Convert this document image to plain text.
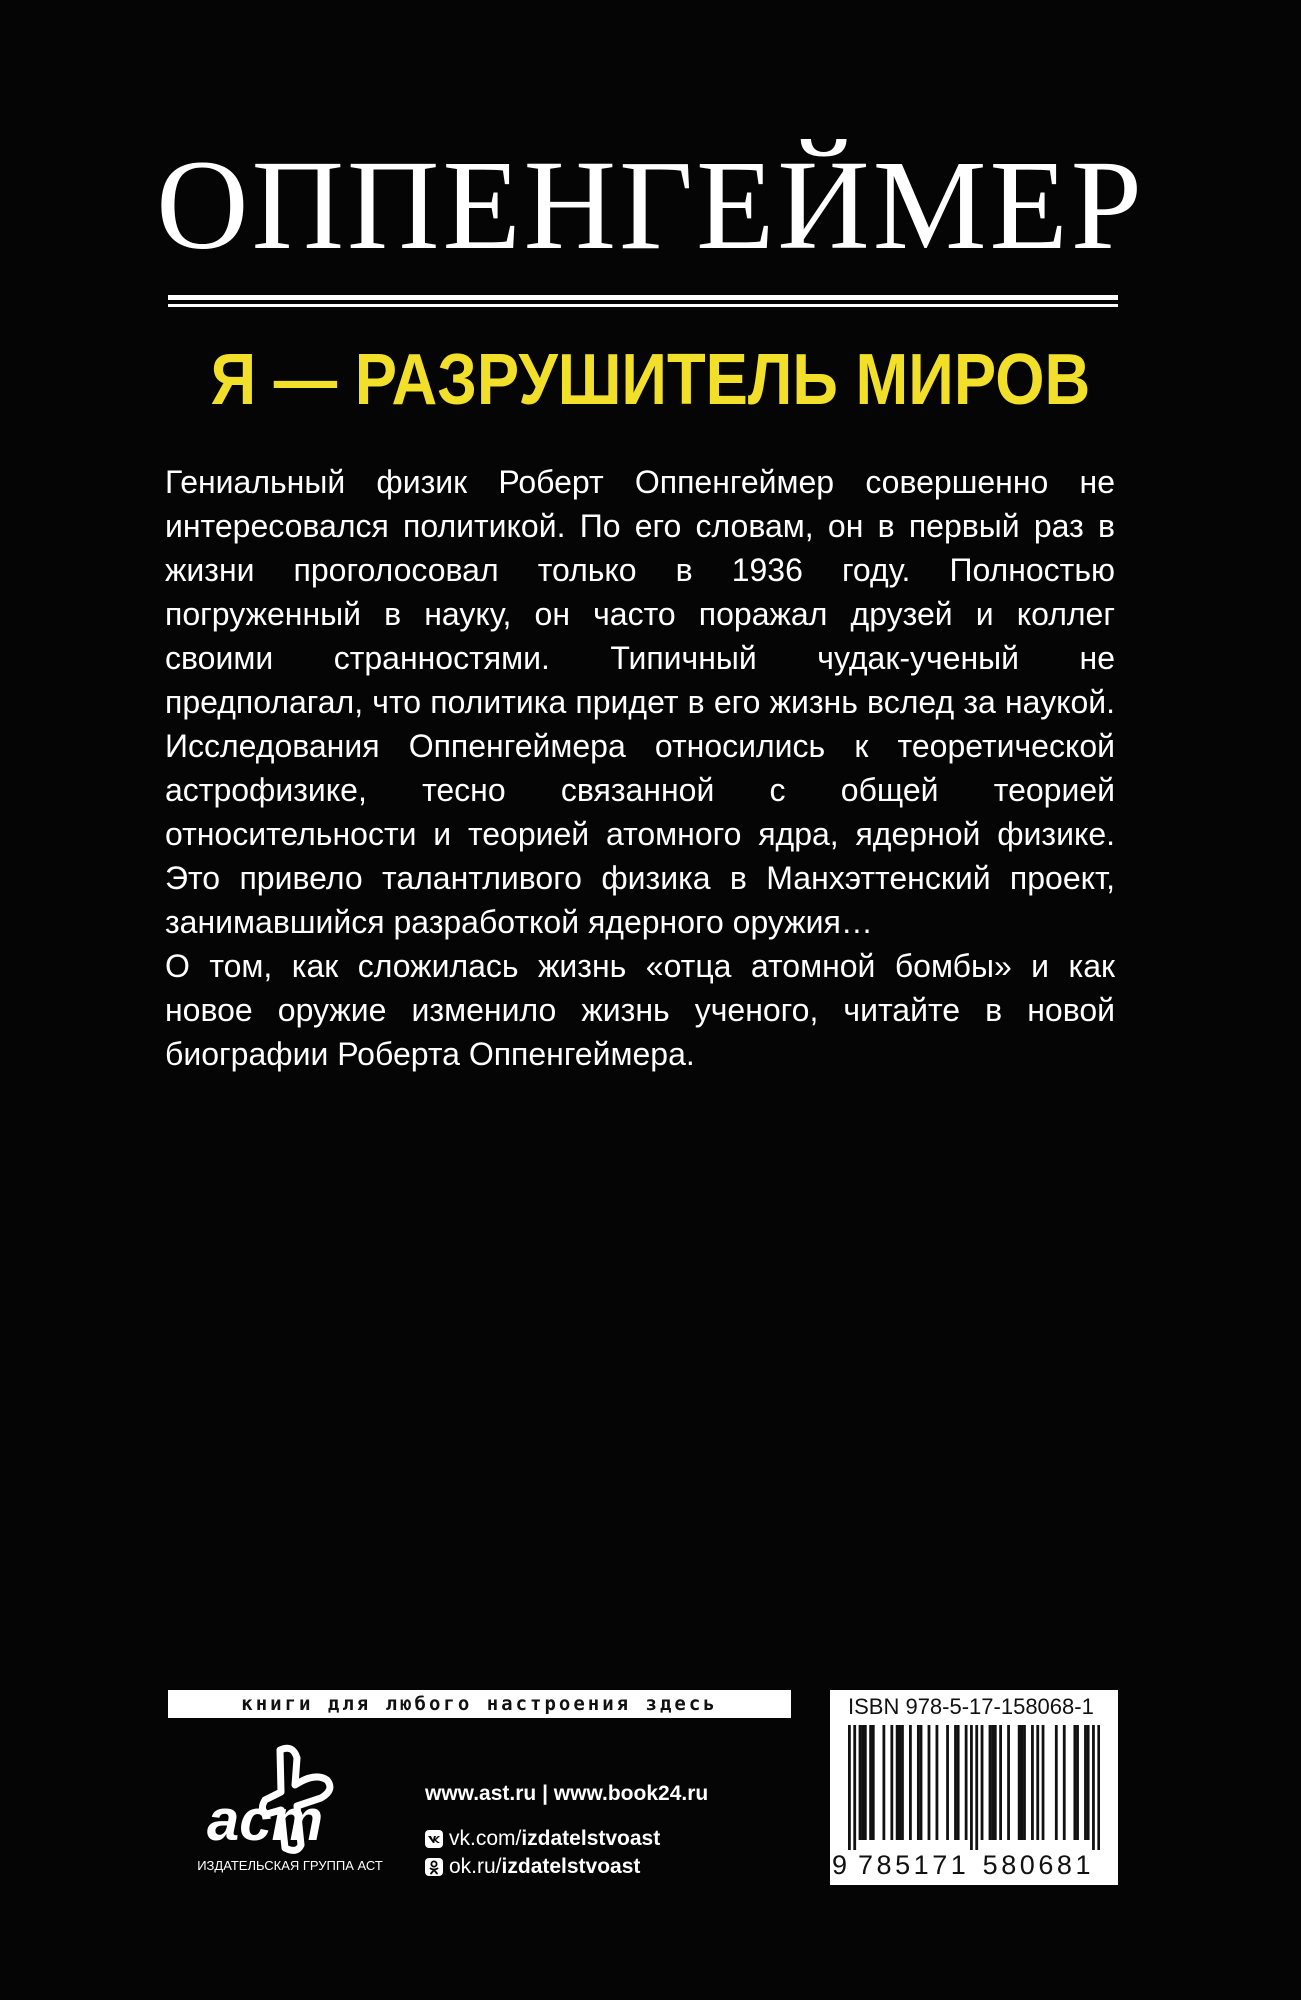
ОППЕНГЕЙМЕР
Я — РАЗРУШИТЕЛЬ МИРОВ

Гениальный физик Роберт Оппенгеймер совершенно не интересовался политикой. По его словам, он в первый раз в жизни проголосовал только в 1936 году. Полностью погруженный в науку, он часто поражал друзей и коллег своими странностями. Типичный чудак-ученый не предполагал, что политика придет в его жизнь вслед за наукой. Исследования Оппенгеймера относились к теоретической астрофизике, тесно связанной с общей теорией относительности и теорией атомного ядра, ядерной физике. Это привело талантливого физика в Манхэттенский проект, занимавшийся разработкой ядерного оружия…

О том, как сложилась жизнь «отца атомной бомбы» и как новое оружие изменило жизнь ученого, читайте в новой биографии Роберта Оппенгеймера.

книги для любого настроения здесь
аст
ИЗДАТЕЛЬСКАЯ ГРУППА АСТ
www.ast.ru | www.book24.ru
vk.com/ izdatelstvoast
ok.ru/ izdatelstvoast
ISBN 978-5-17-158068-1
9 7 8 5 1 7 1 5 8 0 6 8 1
